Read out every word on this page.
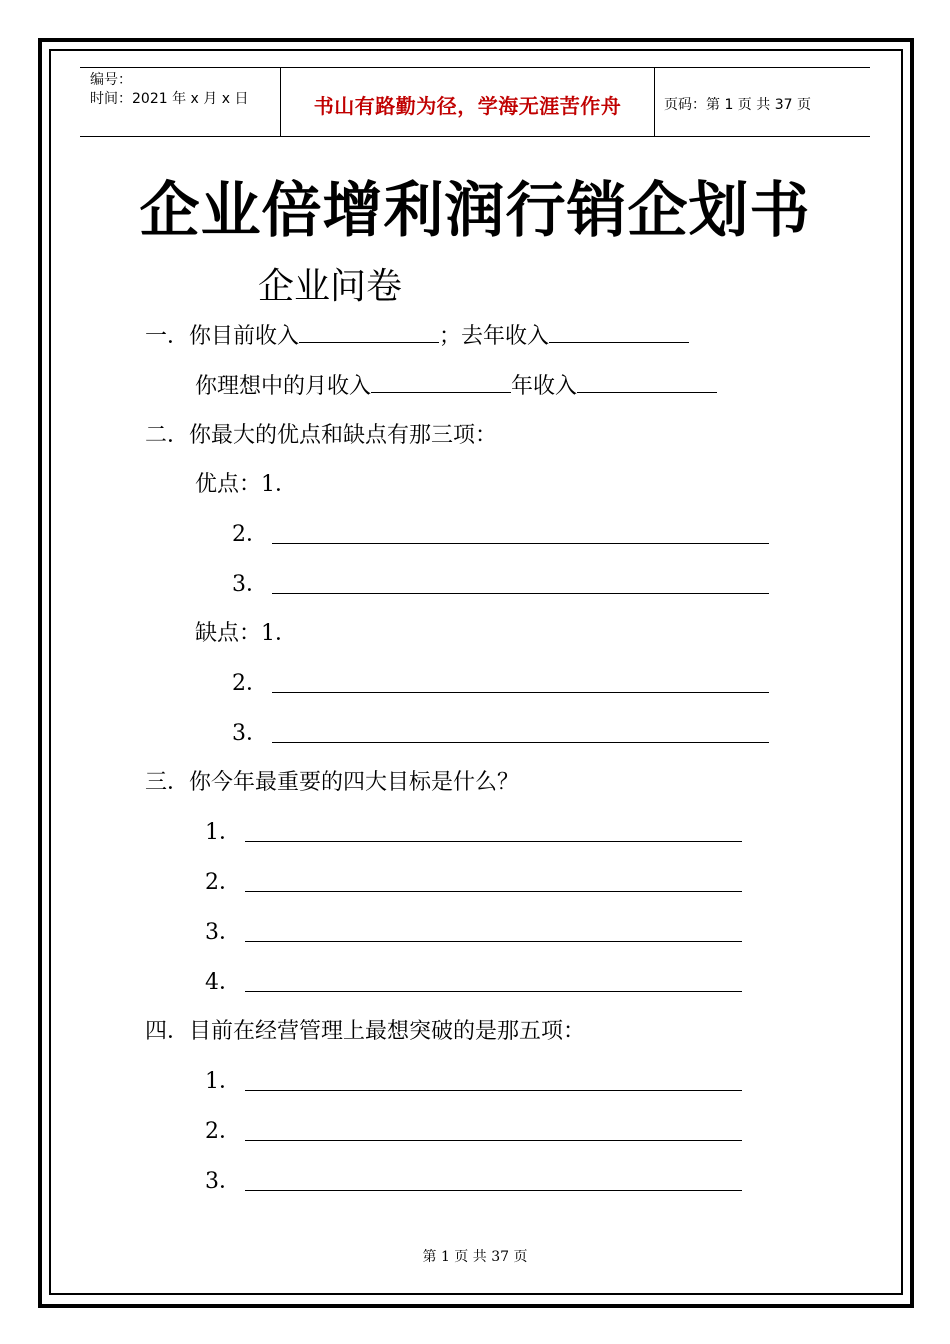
编号：
时间：2021 年 x 月 x 日	书山有路勤为径，学海无涯苦作舟	页码：第 1 页 共 37 页
企业倍增利润行销企划书
企业问卷
一．你目前收入	；去年收入
你理想中的月收入	年收入
二．你最大的优点和缺点有那三项：
优点：1．
2．
3．
缺点：1．
2．
3．
三．你今年最重要的四大目标是什么？
1．
2．
3．
4．
四．目前在经营管理上最想突破的是那五项：
1．
2．
3．
第 1 页 共 37 页
